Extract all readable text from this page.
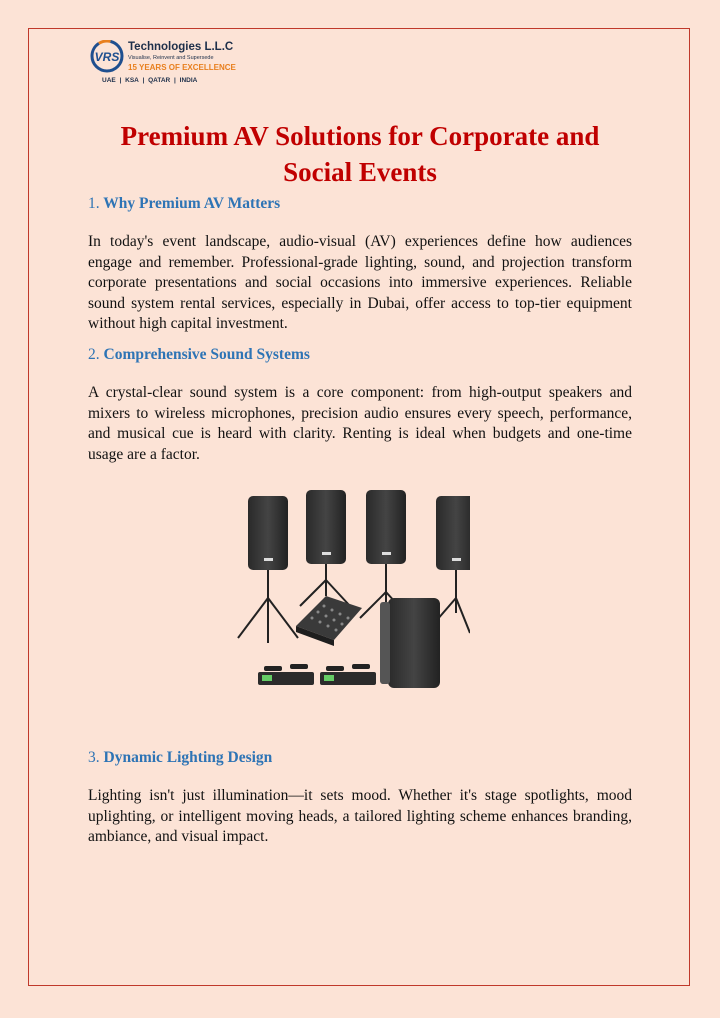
VRS
Technologies L.L.C
Visualise, Reinvent and Supersede
15 YEARS OF EXCELLENCE
UAE | KSA | QATAR | INDIA
Premium AV Solutions for Corporate and Social Events

1. Why Premium AV Matters

In today's event landscape, audio-visual (AV) experiences define how audiences engage and remember. Professional-grade lighting, sound, and projection transform corporate presentations and social occasions into immersive experiences. Reliable sound system rental services, especially in Dubai, offer access to top-tier equipment without high capital investment.

2. Comprehensive Sound Systems

A crystal-clear sound system is a core component: from high-output speakers and mixers to wireless microphones, precision audio ensures every speech, performance, and musical cue is heard with clarity. Renting is ideal when budgets and one-time usage are a factor.

3. Dynamic Lighting Design

Lighting isn't just illumination—it sets mood. Whether it's stage spotlights, mood uplighting, or intelligent moving heads, a tailored lighting scheme enhances branding, ambiance, and visual impact.
